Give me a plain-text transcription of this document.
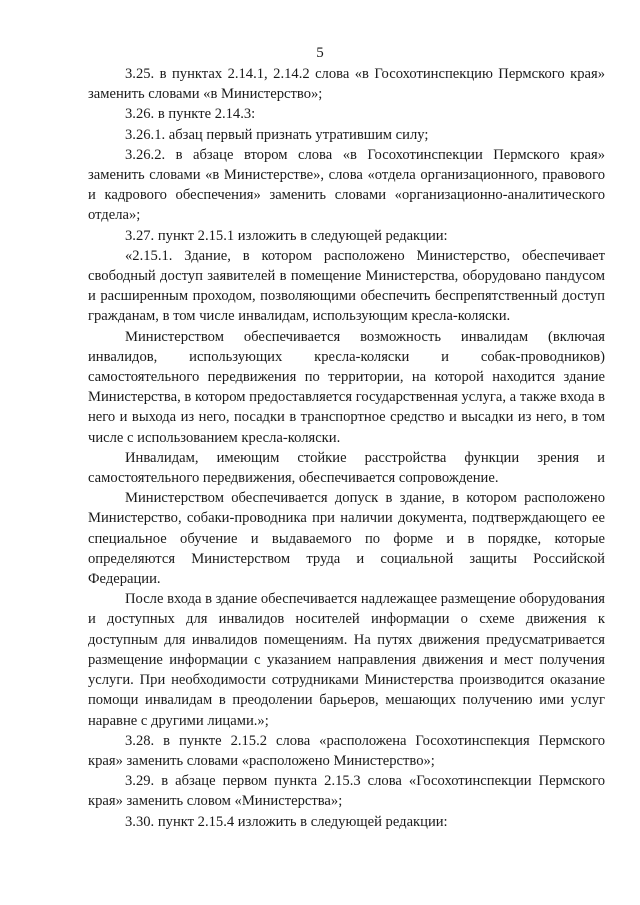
5

3.25. в пунктах 2.14.1, 2.14.2 слова «в Госохотинспекцию Пермского края» заменить словами «в Министерство»;

3.26. в пункте 2.14.3:

3.26.1. абзац первый признать утратившим силу;

3.26.2. в абзаце втором слова «в Госохотинспекции Пермского края» заменить словами «в Министерстве», слова «отдела организационного, правового и кадрового обеспечения» заменить словами «организационно-аналитического отдела»;

3.27. пункт 2.15.1 изложить в следующей редакции:

«2.15.1. Здание, в котором расположено Министерство, обеспечивает свободный доступ заявителей в помещение Министерства, оборудовано пандусом и расширенным проходом, позволяющими обеспечить беспрепятственный доступ гражданам, в том числе инвалидам, использующим кресла-коляски.

Министерством обеспечивается возможность инвалидам (включая инвалидов, использующих кресла-коляски и собак-проводников) самостоятельного передвижения по территории, на которой находится здание Министерства, в котором предоставляется государственная услуга, а также входа в него и выхода из него, посадки в транспортное средство и высадки из него, в том числе с использованием кресла-коляски.

Инвалидам, имеющим стойкие расстройства функции зрения и самостоятельного передвижения, обеспечивается сопровождение.

Министерством обеспечивается допуск в здание, в котором расположено Министерство, собаки-проводника при наличии документа, подтверждающего ее специальное обучение и выдаваемого по форме и в порядке, которые определяются Министерством труда и социальной защиты Российской Федерации.

После входа в здание обеспечивается надлежащее размещение оборудования и доступных для инвалидов носителей информации о схеме движения к доступным для инвалидов помещениям. На путях движения предусматривается размещение информации с указанием направления движения и мест получения услуги. При необходимости сотрудниками Министерства производится оказание помощи инвалидам в преодолении барьеров, мешающих получению ими услуг наравне с другими лицами.»;

3.28. в пункте 2.15.2 слова «расположена Госохотинспекция Пермского края» заменить словами «расположено Министерство»;

3.29. в абзаце первом пункта 2.15.3 слова «Госохотинспекции Пермского края» заменить словом «Министерства»;

3.30. пункт 2.15.4 изложить в следующей редакции:
